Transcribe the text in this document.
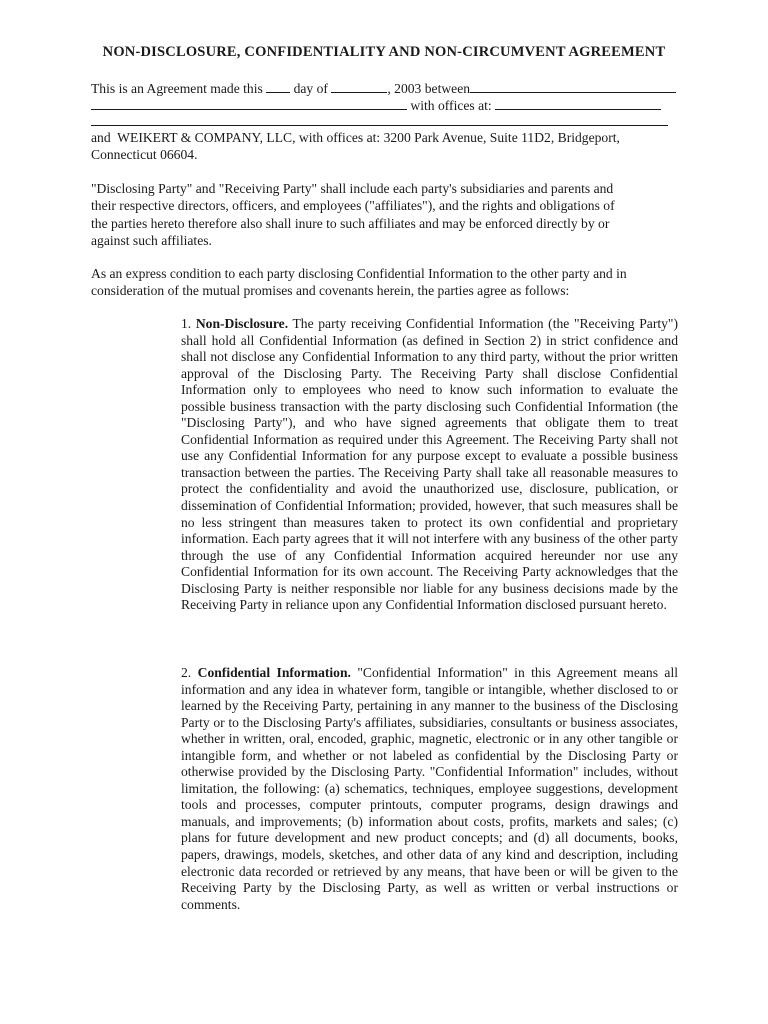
NON-DISCLOSURE, CONFIDENTIALITY AND NON-CIRCUMVENT AGREEMENT
This is an Agreement made this day of	, 2003 between
with offices at:
and  WEIKERT & COMPANY, LLC, with offices at: 3200 Park Avenue, Suite 11D2, Bridgeport,
Connecticut 06604.
"Disclosing Party" and "Receiving Party" shall include each party's subsidiaries and parents and
their respective directors, officers, and employees ("affiliates"), and the rights and obligations of
the parties hereto therefore also shall inure to such affiliates and may be enforced directly by or
against such affiliates.
As an express condition to each party disclosing Confidential Information to the other party and in
consideration of the mutual promises and covenants herein, the parties agree as follows:

1. Non-Disclosure. The party receiving Confidential Information (the "Receiving Party") shall hold all Confidential Information (as defined in Section 2) in strict confidence and shall not disclose any Confidential Information to any third party, without the prior written approval of the Disclosing Party. The Receiving Party shall disclose Confidential Information only to employees who need to know such information to evaluate the possible business transaction with the party disclosing such Confidential Information (the "Disclosing Party"), and who have signed agreements that obligate them to treat Confidential Information as required under this Agreement. The Receiving Party shall not use any Confidential Information for any purpose except to evaluate a possible business transaction between the parties. The Receiving Party shall take all reasonable measures to protect the confidentiality and avoid the unauthorized use, disclosure, publication, or dissemination of Confidential Information; provided, however, that such measures shall be no less stringent than measures taken to protect its own confidential and proprietary information. Each party agrees that it will not interfere with any business of the other party through the use of any Confidential Information acquired hereunder nor use any Confidential Information for its own account. The Receiving Party acknowledges that the Disclosing Party is neither responsible nor liable for any business decisions made by the Receiving Party in reliance upon any Confidential Information disclosed pursuant hereto.

2. Confidential Information. "Confidential Information" in this Agreement means all information and any idea in whatever form, tangible or intangible, whether disclosed to or learned by the Receiving Party, pertaining in any manner to the business of the Disclosing Party or to the Disclosing Party's affiliates, subsidiaries, consultants or business associates, whether in written, oral, encoded, graphic, magnetic, electronic or in any other tangible or intangible form, and whether or not labeled as confidential by the Disclosing Party or otherwise provided by the Disclosing Party. "Confidential Information" includes, without limitation, the following: (a) schematics, techniques, employee suggestions, development tools and processes, computer printouts, computer programs, design drawings and manuals, and improvements; (b) information about costs, profits, markets and sales; (c) plans for future development and new product concepts; and (d) all documents, books, papers, drawings, models, sketches, and other data of any kind and description, including electronic data recorded or retrieved by any means, that have been or will be given to the Receiving Party by the Disclosing Party, as well as written or verbal instructions or comments.
